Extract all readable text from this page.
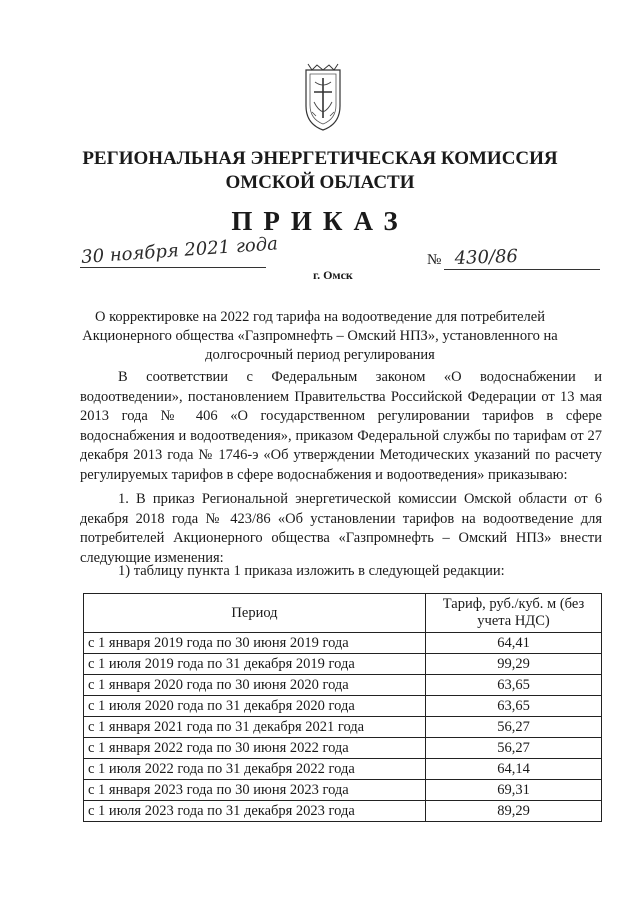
РЕГИОНАЛЬНАЯ ЭНЕРГЕТИЧЕСКАЯ КОМИССИЯ
ОМСКОЙ ОБЛАСТИ
ПРИКАЗ
30 ноября 2021 года
г. Омск
№ 430/86
О корректировке на 2022 год тарифа на водоотведение для потребителей Акционерного общества «Газпромнефть – Омский НПЗ», установленного на долгосрочный период регулирования
В соответствии с Федеральным законом «О водоснабжении и водоотведении», постановлением Правительства Российской Федерации от 13 мая 2013 года № 406 «О государственном регулировании тарифов в сфере водоснабжения и водоотведения», приказом Федеральной службы по тарифам от 27 декабря 2013 года № 1746-э «Об утверждении Методических указаний по расчету регулируемых тарифов в сфере водоснабжения и водоотведения» приказываю:
1. В приказ Региональной энергетической комиссии Омской области от 6 декабря 2018 года № 423/86 «Об установлении тарифов на водоотведение для потребителей Акционерного общества «Газпромнефть – Омский НПЗ» внести следующие изменения:
1) таблицу пункта 1 приказа изложить в следующей редакции:
Период	Тариф, руб./куб. м (без учета НДС)
с 1 января 2019 года по 30 июня 2019 года	64,41
с 1 июля 2019 года по 31 декабря 2019 года	99,29
с 1 января 2020 года по 30 июня 2020 года	63,65
с 1 июля 2020 года по 31 декабря 2020 года	63,65
с 1 января 2021 года по 31 декабря 2021 года	56,27
с 1 января 2022 года по 30 июня 2022 года	56,27
с 1 июля 2022 года по 31 декабря 2022 года	64,14
с 1 января 2023 года по 30 июня 2023 года	69,31
с 1 июля 2023 года по 31 декабря 2023 года	89,29
